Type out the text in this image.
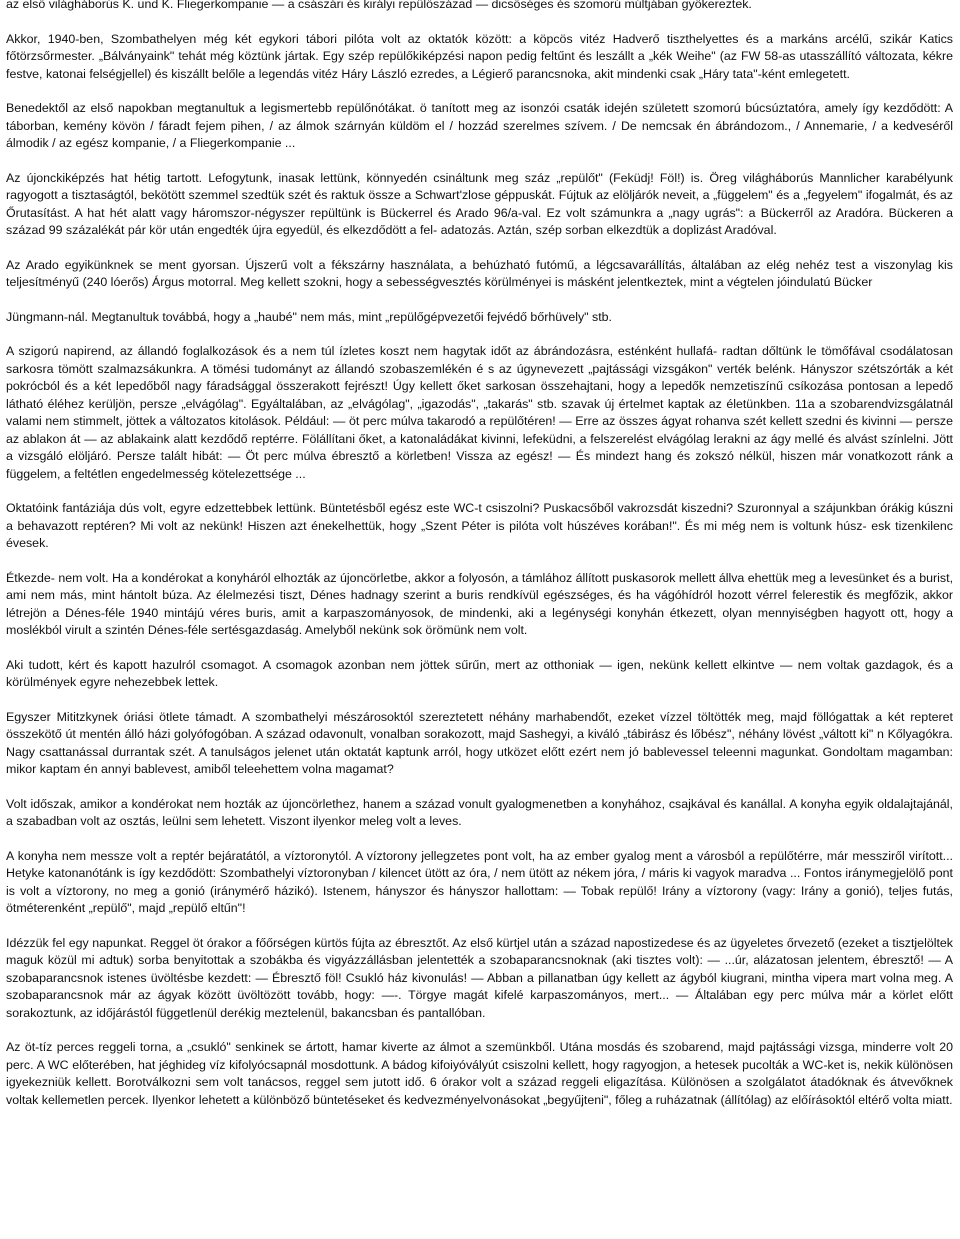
az első világháborús K. und K. Fliegerkompanie — a császári és királyi repülőszázad — dicsőséges és szomorú múltjában gyökereztek.

Akkor, 1940-ben, Szombathelyen még két egykori tábori pilóta volt az oktatók között: a köpcös vitéz Hadverő tiszthelyettes és a markáns arcélű, szikár Katics főtörzsőrmester. „Bálványaink" tehát még köztünk jártak. Egy szép repülőkiképzési napon pedig feltűnt és leszállt a „kék Weihe" (az FW 58-as utasszállító változata, kékre festve, katonai felségjellel) és kiszállt belőle a legendás vitéz Háry László ezredes, a Légierő parancsnoka, akit mindenki csak „Háry tata"-ként emlegetett.

Benedektől az első napokban megtanultuk a legismertebb repülőnótákat. ö tanított meg az isonzói csaták idején született szomorú búcsúztatóra, amely így kezdődött: A táborban, kemény kövön / fáradt fejem pihen, / az álmok szárnyán küldöm el / hozzád szerelmes szívem. / De nemcsak én ábrándozom., / Annemarie, / a kedveséről álmodik / az egész kompanie, / a Fliegerkompanie ...

Az újonckiképzés hat hétig tartott. Lefogytunk, inasak lettünk, könnyedén csináltunk meg száz „repülőt" (Feküdj! Föl!) is. Öreg világháborús Mannlicher karabélyunk ragyogott a tisztaságtól, bekötött szemmel szedtük szét és raktuk össze a Schwart'zlose géppuskát. Fújtuk az elöljárók neveit, a „függelem" és a „fegyelem" ifogalmát, és az Őrutasítást. A hat hét alatt vagy háromszor-négyszer repültünk is Bückerrel és Arado 96/a-val. Ez volt számunkra a „nagy ugrás": a Bückerről az Aradóra. Bückeren a század 99 százalékát pár kör után engedték újra egyedül, és elkezdődött a fel- adatozás. Aztán, szép sorban elkezdtük a doplizást Aradóval.

Az Arado egyikünknek se ment gyorsan. Újszerű volt a fékszárny használata, a behúzható futómű, a légcsavarállítás, általában az elég nehéz test a viszonylag kis teljesítményű (240 lóerős) Árgus motorral. Meg kellett szokni, hogy a sebességvesztés körülményei is másként jelentkeztek, mint a végtelen jóindulatú Bücker

Jüngmann-nál. Megtanultuk továbbá, hogy a „haubé" nem más, mint „repülőgépvezetői fejvédő bőrhüvely" stb.

A szigorú napirend, az állandó foglalkozások és a nem túl ízletes koszt nem hagytak időt az ábrándozásra, esténként hullafá- radtan dőltünk le tömőfával csodálatosan sarkosra tömött szalmazsákunkra. A tömési tudományt az állandó szobaszemlékén é s az úgynevezett „pajtássági vizsgákon" verték belénk. Hányszor szétszórták a két pokrócból és a két lepedőből nagy fáradsággal összerakott fejrészt! Úgy kellett őket sarkosan összehajtani, hogy a lepedők nemzetiszínű csíkozása pontosan a lepedő látható éléhez kerüljön, persze „elvágólag". Egyáltalában, az „elvágólag", „igazodás", „takarás" stb. szavak új értelmet kaptak az életünkben. 11a a szobarendvizsgálatnál valami nem stimmelt, jöttek a változatos kitolások. Például: — öt perc múlva takarodó a repülőtéren! — Erre az összes ágyat rohanva szét kellett szedni és kivinni — persze az ablakon át — az ablakaink alatt kezdődő reptérre. Fölállítani őket, a katonaládákat kivinni, lefeküdni, a felszerelést elvágólag lerakni az ágy mellé és alvást színlelni. Jött a vizsgáló elöljáró. Persze talált hibát: — Öt perc múlva ébresztő a körletben! Vissza az egész! — És mindezt hang és zokszó nélkül, hiszen már vonatkozott ránk a függelem, a feltétlen engedelmesség kötelezettsége ...

Oktatóink fantáziája dús volt, egyre edzettebbek lettünk. Büntetésből egész este WC-t csiszolni? Puskacsőből vakrozsdát kiszedni? Szuronnyal a szájunkban órákig kúszni a behavazott reptéren? Mi volt az nekünk! Hiszen azt énekelhettük, hogy „Szent Péter is pilóta volt húszéves korában!". És mi még nem is voltunk húsz- esk tizenkilenc évesek.

Étkezde- nem volt. Ha a kondérokat a konyháról elhozták az újoncörletbe, akkor a folyosón, a támlához állított puskasorok mellett állva ehettük meg a levesünket és a burist, ami nem más, mint hántolt búza. Az élelmezési tiszt, Dénes hadnagy szerint a buris rendkívül egészséges, és ha vágóhídról hozott vérrel felerestik és megfőzik, akkor létrejön a Dénes-féle 1940 mintájú véres buris, amit a karpaszományosok, de mindenki, aki a legénységi konyhán étkezett, olyan mennyiségben hagyott ott, hogy a moslékból virult a szintén Dénes-féle sertésgazdaság. Amelyből nekünk sok örömünk nem volt.

Aki tudott, kért és kapott hazulról csomagot. A csomagok azonban nem jöttek sűrűn, mert az otthoniak — igen, nekünk kellett elkintve — nem voltak gazdagok, és a körülmények egyre nehezebbek lettek.

Egyszer Mititzkynek óriási ötlete támadt. A szombathelyi mészárosoktól szereztetett néhány marhabendőt, ezeket vízzel töltötték meg, majd föllógattak a két repteret összekötő út mentén álló házi golyófogóban. A század odavonult, vonalban sorakozott, majd Sashegyi, a kiváló „tábirász és lőbész", néhány lövést „váltott ki" n Kőlyagókra. Nagy csattanással durrantak szét. A tanulságos jelenet után oktatát kaptunk arról, hogy utközet előtt ezért nem jó bablevessel teleenni magunkat. Gondoltam magamban: mikor kaptam én annyi bablevest, amiből teleehettem volna magamat?

Volt időszak, amikor a kondérokat nem hozták az újoncörlethez, hanem a század vonult gyalogmenetben a konyhához, csajkával és kanállal. A konyha egyik oldalajtajánál, a szabadban volt az osztás, leülni sem lehetett. Viszont ilyenkor meleg volt a leves.

A konyha nem messze volt a reptér bejáratától, a víztoronytól. A víztorony jellegzetes pont volt, ha az ember gyalog ment a városból a repülőtérre, már messziről virított... Hetyke katonanótánk is így kezdődött: Szombathelyi víztoronyban / kilencet ütött az óra, / nem ütött az nékem jóra, / máris ki vagyok maradva ... Fontos iránymegjelölő pont is volt a víztorony, no meg a gonió (iránymérő házikó). Istenem, hányszor és hányszor hallottam: — Tobak repülő! Irány a víztorony (vagy: Irány a gonió), teljes futás, ötméterenként „repülő", majd „repülő eltűn"!

Idézzük fel egy napunkat. Reggel öt órakor a főőrségen kürtös fújta az ébresztőt. Az első kürtjel után a század napostizedese és az ügyeletes őrvezető (ezeket a tisztjelöltek maguk közül mi adtuk) sorba benyitottak a szobákba és vigyázzállásban jelentették a szobaparancsnoknak (aki tisztes volt): — ...úr, alázatosan jelentem, ébresztő! — A szobaparancsnok istenes üvöltésbe kezdett: — Ébresztő föl! Csukló ház kivonulás! — Abban a pillanatban úgy kellett az ágyból kiugrani, mintha vipera mart volna meg. A szobaparancsnok már az ágyak között üvöltözött tovább, hogy: —-. Törgye magát kifelé karpaszományos, mert... — Általában egy perc múlva már a körlet előtt sorakoztunk, az időjárástól függetlenül derékig meztelenül, bakancsban és pantallóban.

Az öt-tíz perces reggeli torna, a „csukló" senkinek se ártott, hamar kiverte az álmot a szemünkből. Utána mosdás és szobarend, majd pajtássági vizsga, minderre volt 20 perc. A WC előterében, hat jéghideg víz kifolyócsapnál mosdottunk. A bádog kifoiyóvályút csiszolni kellett, hogy ragyogjon, a hetesek pucolták a WC-ket is, nekik különösen igyekezniük kellett. Borotválkozni sem volt tanácsos, reggel sem jutott idő. 6 órakor volt a század reggeli eligazítása. Különösen a szolgálatot átadóknak és átvevőknek voltak kellemetlen percek. Ilyenkor lehetett a különböző büntetéseket és kedvezményelvonásokat „begyűjteni", főleg a ruházatnak (állítólag) az előírásoktól eltérő volta miatt.
